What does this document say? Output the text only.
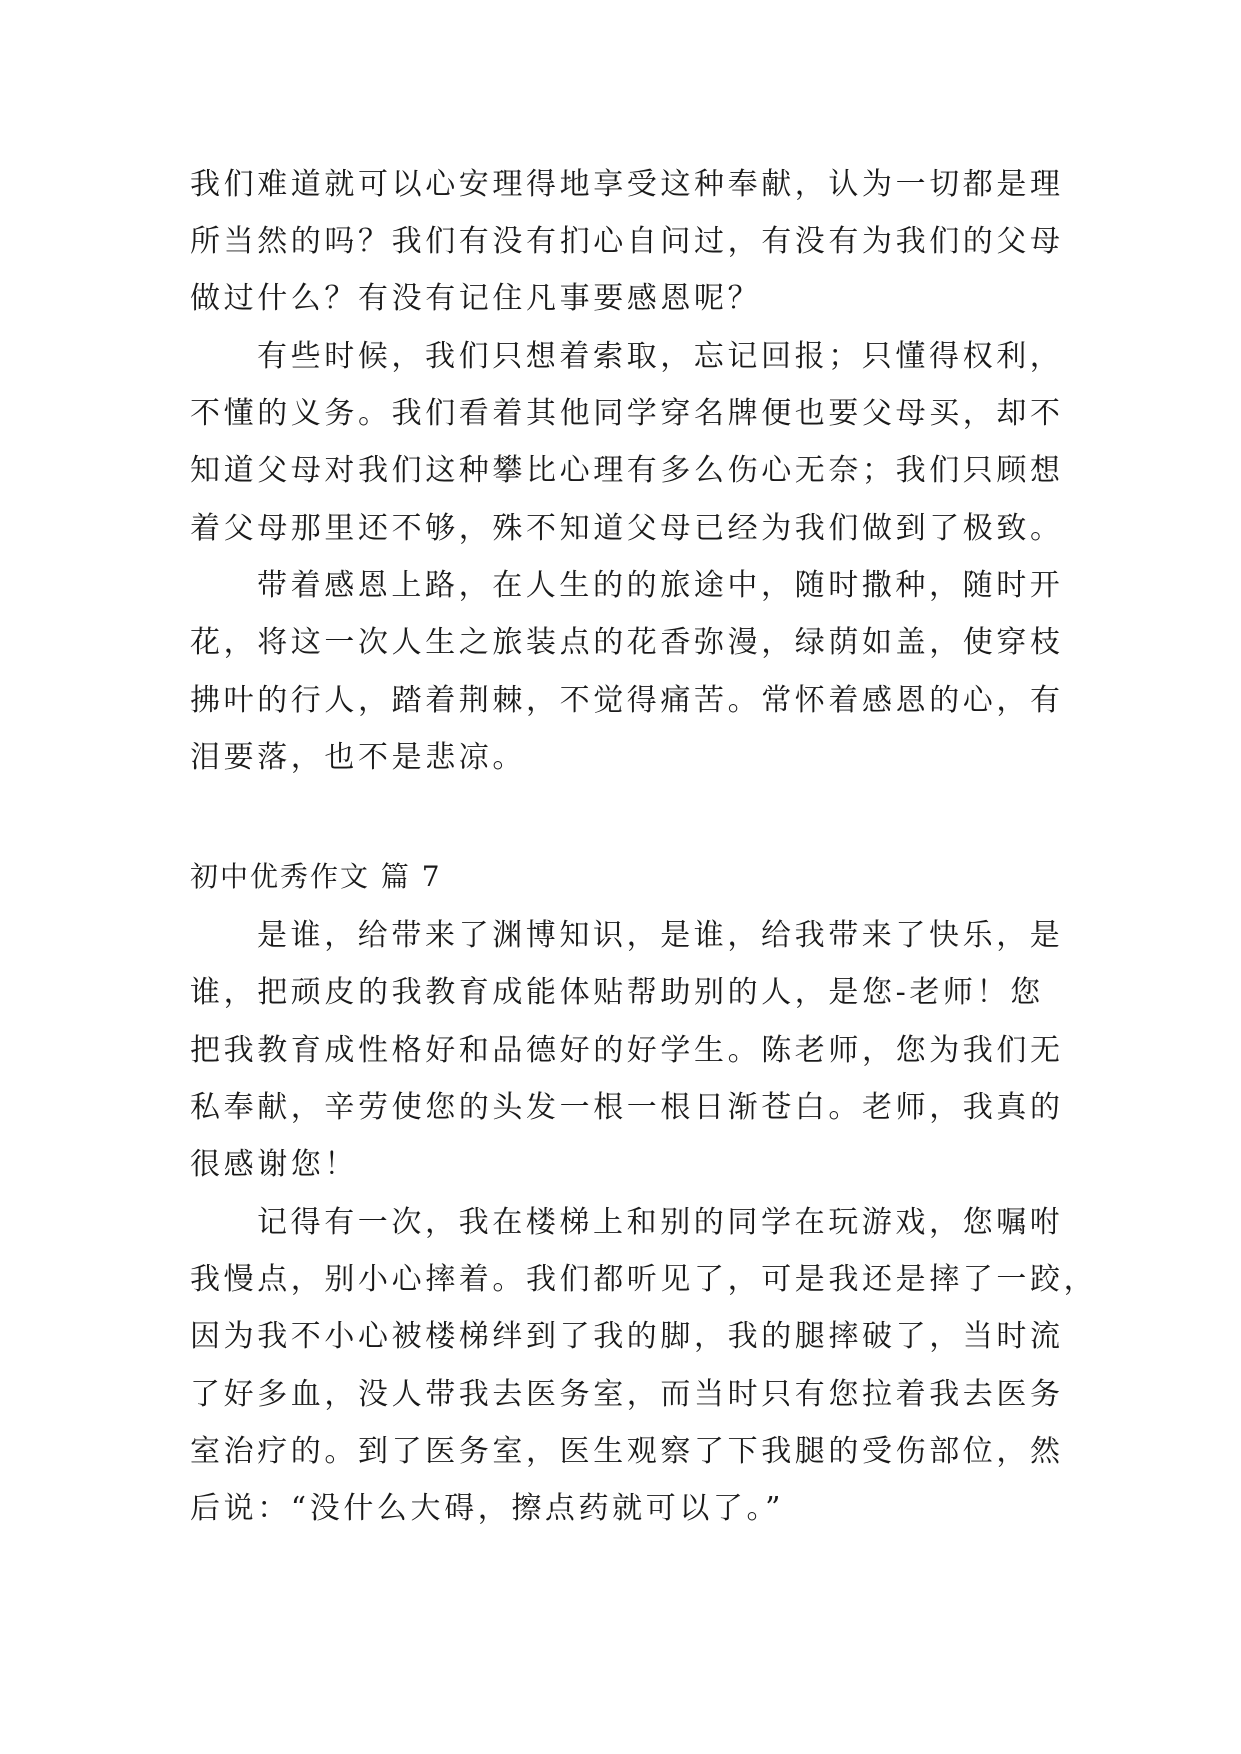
我们难道就可以心安理得地享受这种奉献，认为一切都是理
所当然的吗？我们有没有扪心自问过，有没有为我们的父母
做过什么？有没有记住凡事要感恩呢？
有些时候，我们只想着索取，忘记回报；只懂得权利，
不懂的义务。我们看着其他同学穿名牌便也要父母买，却不
知道父母对我们这种攀比心理有多么伤心无奈；我们只顾想
着父母那里还不够，殊不知道父母已经为我们做到了极致。
带着感恩上路，在人生的的旅途中，随时撒种，随时开
花，将这一次人生之旅装点的花香弥漫，绿荫如盖，使穿枝
拂叶的行人，踏着荆棘，不觉得痛苦。常怀着感恩的心，有
泪要落，也不是悲凉。
初中优秀作文 篇 7
是谁，给带来了渊博知识，是谁，给我带来了快乐，是
谁，把顽皮的我教育成能体贴帮助别的人，是您-老师！您
把我教育成性格好和品德好的好学生。陈老师，您为我们无
私奉献，辛劳使您的头发一根一根日渐苍白。老师，我真的
很感谢您！
记得有一次，我在楼梯上和别的同学在玩游戏，您嘱咐
我慢点，别小心摔着。我们都听见了，可是我还是摔了一跤，
因为我不小心被楼梯绊到了我的脚，我的腿摔破了，当时流
了好多血，没人带我去医务室，而当时只有您拉着我去医务
室治疗的。到了医务室，医生观察了下我腿的受伤部位，然
后说：“没什么大碍，擦点药就可以了。”
